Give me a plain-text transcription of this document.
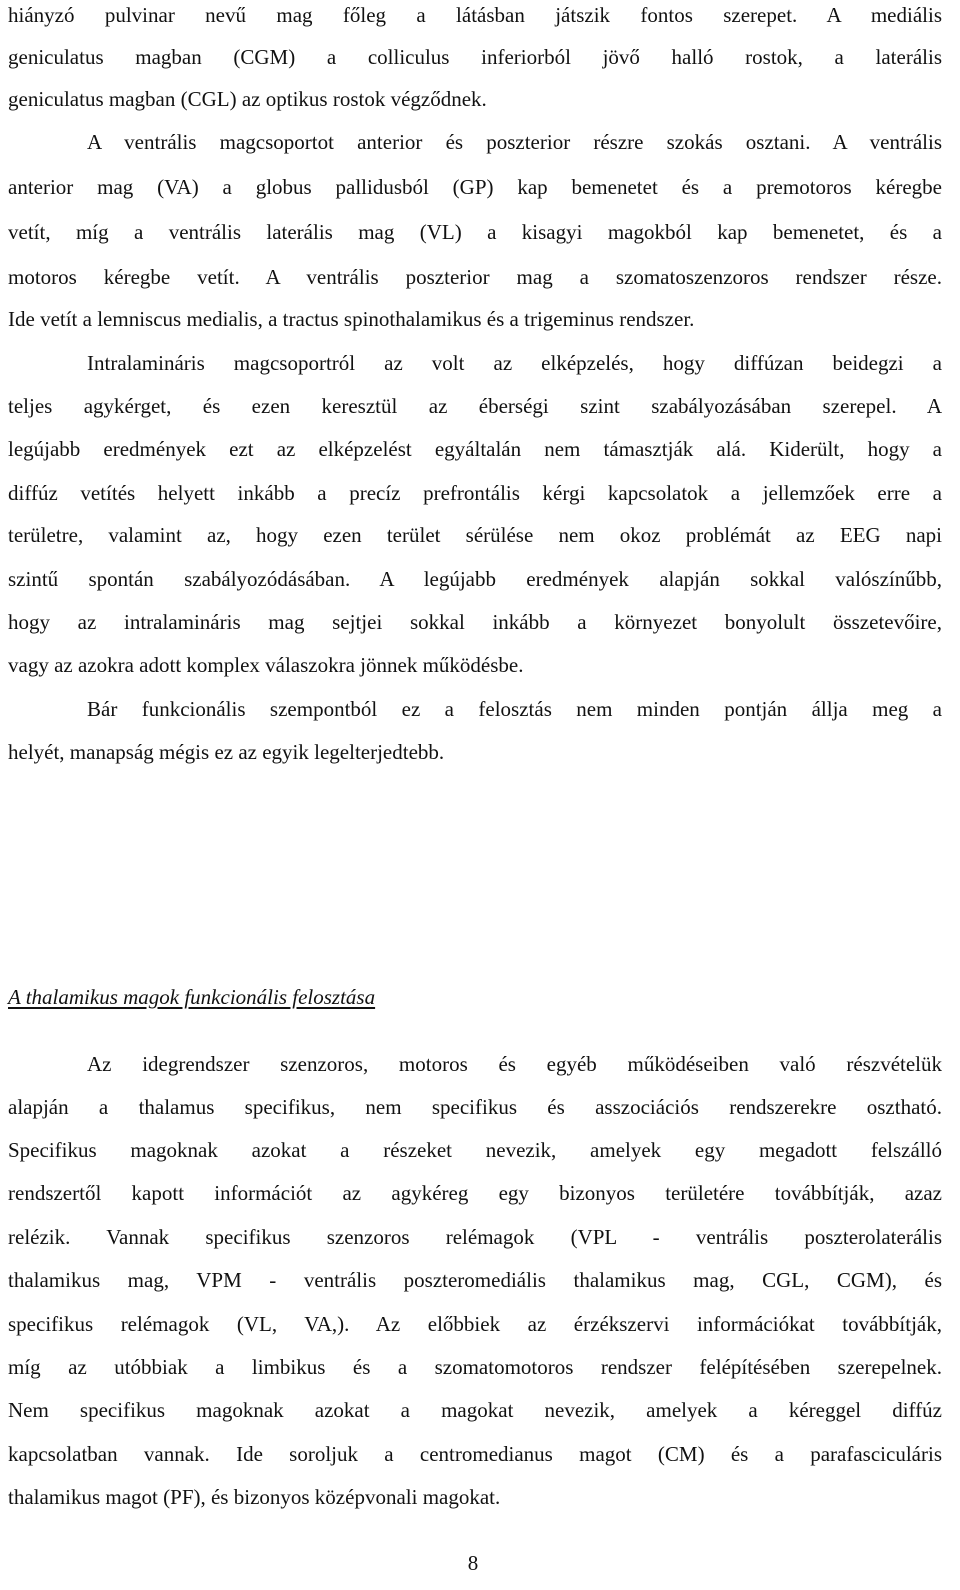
hiányzó pulvinar nevű mag főleg a látásban játszik fontos szerepet. A mediális
geniculatus magban (CGM) a colliculus inferiorból jövő halló rostok, a laterális
geniculatus magban (CGL) az optikus rostok végződnek.
A ventrális magcsoportot anterior és poszterior részre szokás osztani. A ventrális
anterior mag (VA) a globus pallidusból (GP) kap bemenetet és a premotoros kéregbe
vetít, míg a ventrális laterális mag (VL) a kisagyi magokból kap bemenetet, és a
motoros kéregbe vetít. A ventrális poszterior mag a szomatoszenzoros rendszer része.
Ide vetít a lemniscus medialis, a tractus spinothalamikus és a trigeminus rendszer.
Intralamináris magcsoportról az volt az elképzelés, hogy diffúzan beidegzi a
teljes agykérget, és ezen keresztül az éberségi szint szabályozásában szerepel. A
legújabb eredmények ezt az elképzelést egyáltalán nem támasztják alá. Kiderült, hogy a
diffúz vetítés helyett inkább a precíz prefrontális kérgi kapcsolatok a jellemzőek erre a
területre, valamint az, hogy ezen terület sérülése nem okoz problémát az EEG napi
szintű spontán szabályozódásában. A legújabb eredmények alapján sokkal valószínűbb,
hogy az intralamináris mag sejtjei sokkal inkább a környezet bonyolult összetevőire,
vagy az azokra adott komplex válaszokra jönnek működésbe.
Bár funkcionális szempontból ez a felosztás nem minden pontján állja meg a
helyét, manapság mégis ez az egyik legelterjedtebb.
A thalamikus magok funkcionális felosztása
Az idegrendszer szenzoros, motoros és egyéb működéseiben való részvételük
alapján a thalamus specifikus, nem specifikus és asszociációs rendszerekre osztható.
Specifikus magoknak azokat a részeket nevezik, amelyek egy megadott felszálló
rendszertől kapott információt az agykéreg egy bizonyos területére továbbítják, azaz
relézik. Vannak specifikus szenzoros relémagok (VPL - ventrális poszterolaterális
thalamikus mag, VPM - ventrális poszteromediális thalamikus mag, CGL, CGM), és
specifikus relémagok (VL, VA,). Az előbbiek az érzékszervi információkat továbbítják,
míg az utóbbiak a limbikus és a szomatomotoros rendszer felépítésében szerepelnek.
Nem specifikus magoknak azokat a magokat nevezik, amelyek a kéreggel diffúz
kapcsolatban vannak. Ide soroljuk a centromedianus magot (CM) és a parafasciculáris
thalamikus magot (PF), és bizonyos középvonali magokat.
8
